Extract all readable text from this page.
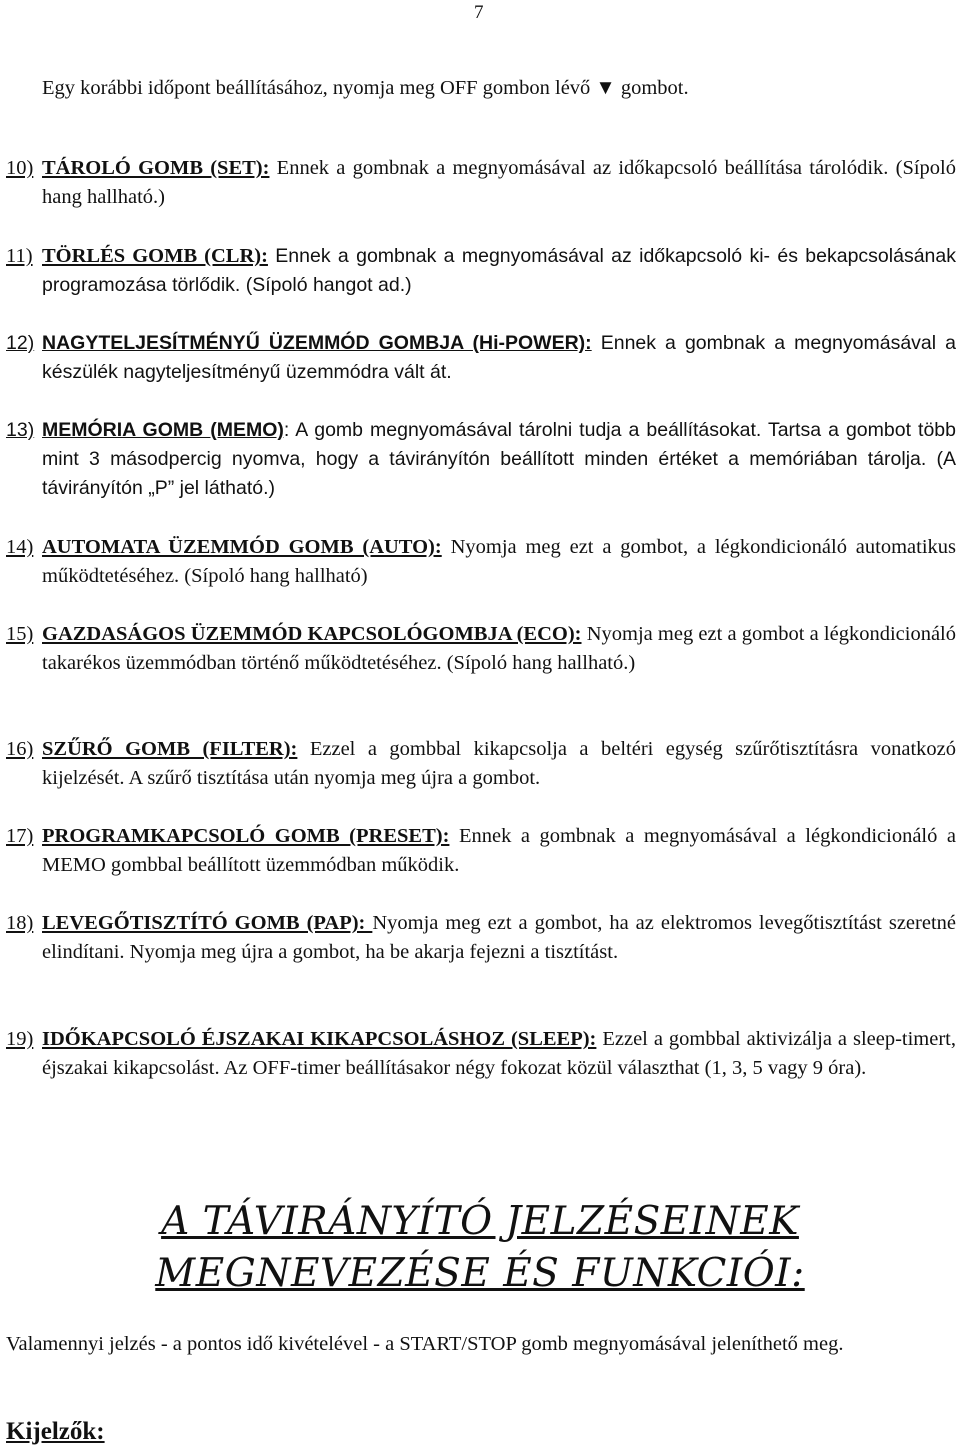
7
Egy korábbi időpont beállításához, nyomja meg OFF gombon lévő ▼ gombot.
10) TÁROLÓ GOMB (SET): Ennek a gombnak a megnyomásával az időkapcsoló beállítása tárolódik. (Sípoló hang hallható.)
11) TÖRLÉS GOMB (CLR): Ennek a gombnak a megnyomásával az időkapcsoló ki- és bekapcsolásának programozása törlődik. (Sípoló hangot ad.)
12) NAGYTELJESÍTMÉNYŰ ÜZEMMÓD GOMBJA (Hi-POWER): Ennek a gombnak a megnyomásával a készülék nagyteljesítményű üzemmódra vált át.
13) MEMÓRIA GOMB (MEMO): A gomb megnyomásával tárolni tudja a beállításokat. Tartsa a gombot több mint 3 másodpercig nyomva, hogy a távirányítón beállított minden értéket a memóriában tárolja. (A távirányítón „P” jel látható.)
14) AUTOMATA ÜZEMMÓD GOMB (AUTO): Nyomja meg ezt a gombot, a légkondicionáló automatikus működtetéséhez. (Sípoló hang hallható)
15) GAZDASÁGOS ÜZEMMÓD KAPCSOLÓGOMBJA (ECO): Nyomja meg ezt a gombot a légkondicionáló takarékos üzemmódban történő működtetéséhez. (Sípoló hang hallható.)
16) SZŰRŐ GOMB (FILTER): Ezzel a gombbal kikapcsolja a beltéri egység szűrőtisztításra vonatkozó kijelzését. A szűrő tisztítása után nyomja meg újra a gombot.
17) PROGRAMKAPCSOLÓ GOMB (PRESET): Ennek a gombnak a megnyomásával a légkondicionáló a MEMO gombbal beállított üzemmódban működik.
18) LEVEGŐTISZTÍTÓ GOMB (PAP): Nyomja meg ezt a gombot, ha az elektromos levegőtisztítást szeretné elindítani. Nyomja meg újra a gombot, ha be akarja fejezni a tisztítást.
19) IDŐKAPCSOLÓ ÉJSZAKAI KIKAPCSOLÁSHOZ (SLEEP): Ezzel a gombbal aktivizálja a sleep-timert, éjszakai kikapcsolást. Az OFF-timer beállításakor négy fokozat közül választhat (1, 3, 5 vagy 9 óra).
A TÁVIRÁNYÍTÓ JELZÉSEINEK
MEGNEVEZÉSE ÉS FUNKCIÓI:
Valamennyi jelzés - a pontos idő kivételével - a START/STOP gomb megnyomásával jeleníthető meg.
Kijelzők:
